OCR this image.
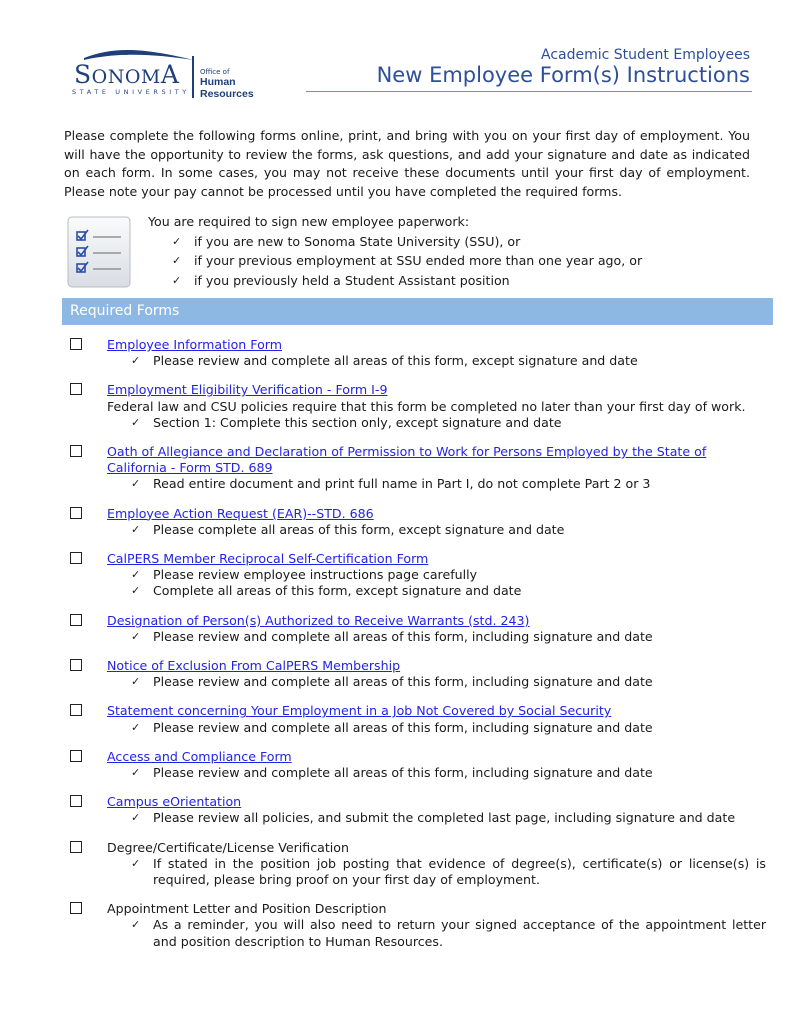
SONOMA
STATE UNIVERSITY
Office of
Human Resources
Academic Student Employees
New Employee Form(s) Instructions
Please complete the following forms online, print, and bring with you on your first day of employment. You will have the opportunity to review the forms, ask questions, and add your signature and date as indicated on each form. In some cases, you may not receive these documents until your first day of employment. Please note your pay cannot be processed until you have completed the required forms.
You are required to sign new employee paperwork:
✓ if you are new to Sonoma State University (SSU), or
✓ if your previous employment at SSU ended more than one year ago, or
✓ if you previously held a Student Assistant position
Required Forms
Employee Information Form
✓ Please review and complete all areas of this form, except signature and date
Employment Eligibility Verification - Form I-9
Federal law and CSU policies require that this form be completed no later than your first day of work.
✓ Section 1: Complete this section only, except signature and date
Oath of Allegiance and Declaration of Permission to Work for Persons Employed by the State of California - Form STD. 689
✓ Read entire document and print full name in Part I, do not complete Part 2 or 3
Employee Action Request (EAR)--STD. 686
✓ Please complete all areas of this form, except signature and date
CalPERS Member Reciprocal Self-Certification Form
✓ Please review employee instructions page carefully
✓ Complete all areas of this form, except signature and date
Designation of Person(s) Authorized to Receive Warrants (std. 243)
✓ Please review and complete all areas of this form, including signature and date
Notice of Exclusion From CalPERS Membership
✓ Please review and complete all areas of this form, including signature and date
Statement concerning Your Employment in a Job Not Covered by Social Security
✓ Please review and complete all areas of this form, including signature and date
Access and Compliance Form
✓ Please review and complete all areas of this form, including signature and date
Campus eOrientation
✓ Please review all policies, and submit the completed last page, including signature and date
Degree/Certificate/License Verification
✓ If stated in the position job posting that evidence of degree(s), certificate(s) or license(s) is required, please bring proof on your first day of employment.
Appointment Letter and Position Description
✓ As a reminder, you will also need to return your signed acceptance of the appointment letter and position description to Human Resources.
